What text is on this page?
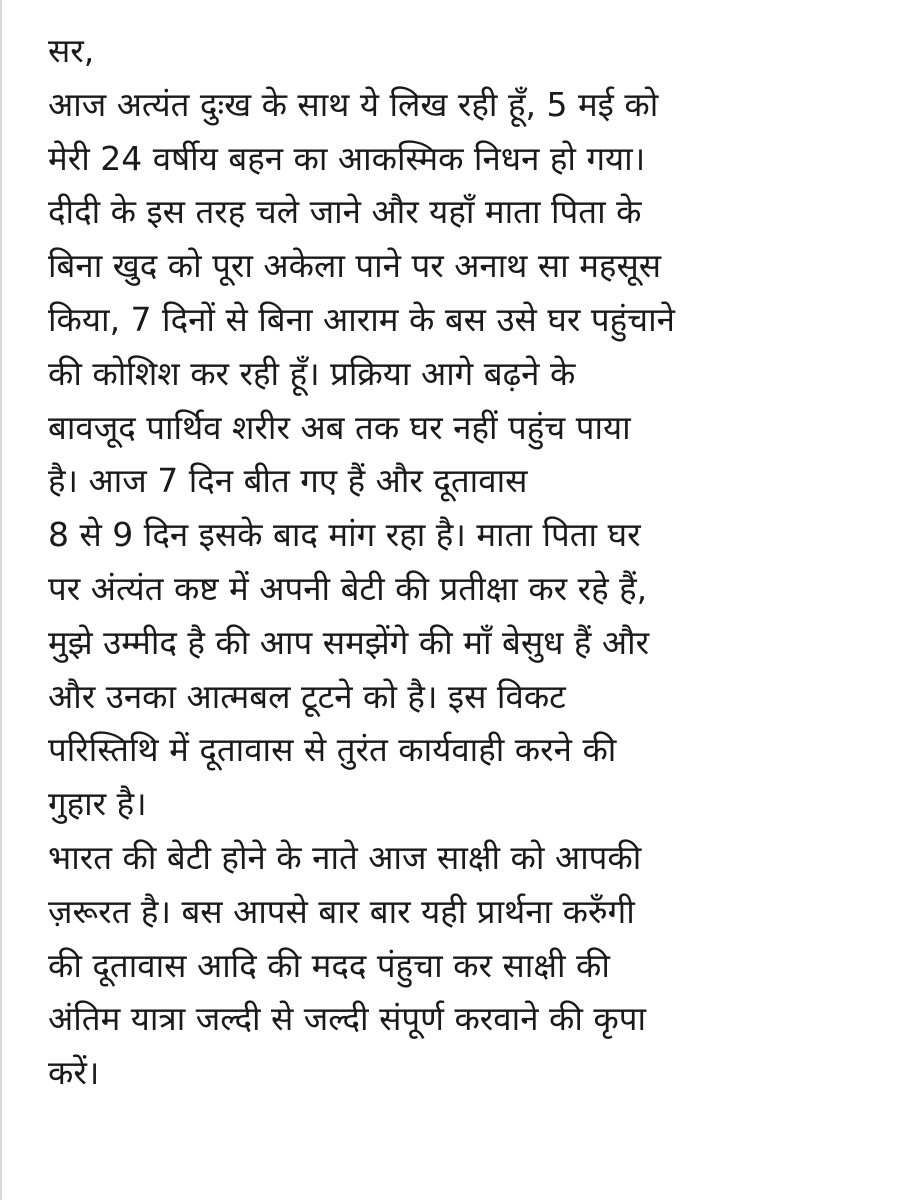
सर,
आज अत्यंत दुःख के साथ ये लिख रही हूँ, 5 मई को
मेरी 24 वर्षीय बहन का आकस्मिक निधन हो गया।
दीदी के इस तरह चले जाने और यहाँ माता पिता के
बिना खुद को पूरा अकेला पाने पर अनाथ सा महसूस
किया, 7 दिनों से बिना आराम के बस उसे घर पहुंचाने
की कोशिश कर रही हूँ। प्रक्रिया आगे बढ़ने के
बावजूद पार्थिव शरीर अब तक घर नहीं पहुंच पाया
है। आज 7 दिन बीत गए हैं और दूतावास
8 से 9 दिन इसके बाद मांग रहा है। माता पिता घर
पर अंत्यंत कष्ट में अपनी बेटी की प्रतीक्षा कर रहे हैं,
मुझे उम्मीद है की आप समझेंगे की माँ बेसुध हैं और
और उनका आत्मबल टूटने को है। इस विकट
परिस्तिथि में दूतावास से तुरंत कार्यवाही करने की
गुहार है।
भारत की बेटी होने के नाते आज साक्षी को आपकी
ज़रूरत है। बस आपसे बार बार यही प्रार्थना करुँगी
की दूतावास आदि की मदद पंहुचा कर साक्षी की
अंतिम यात्रा जल्दी से जल्दी संपूर्ण करवाने की कृपा
करें।
